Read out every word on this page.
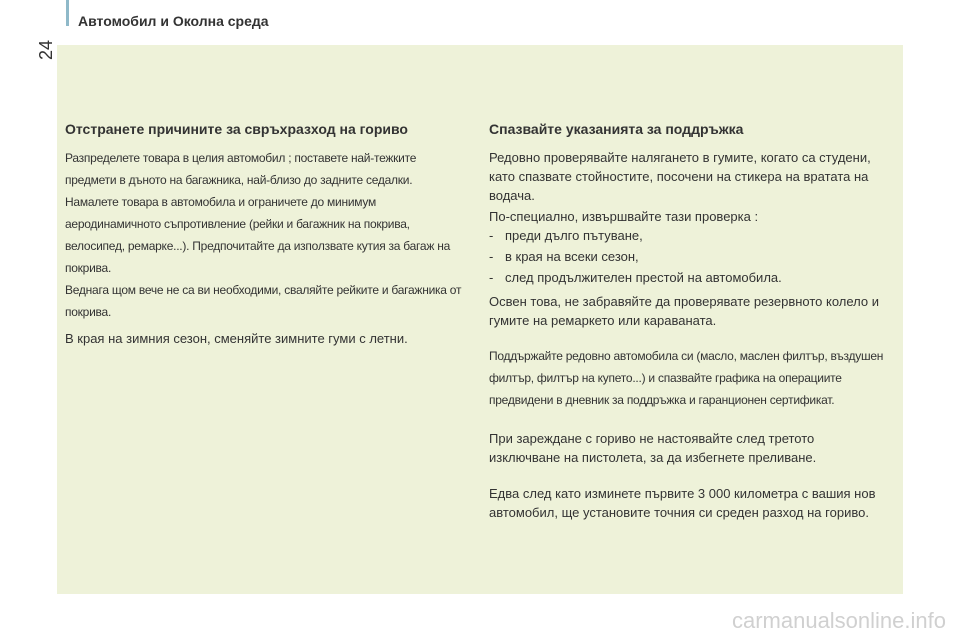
Автомобил и Околна среда
24
Отстранете причините за свръхразход на гориво

Разпределете товара в целия автомобил ; поставете най-тежките предмети в дъното на багажника, най-близо до задните седалки.

Намалете товара в автомобила и ограничете до минимум аеродинамичното съпротивление (рейки и багажник на покрива, велосипед, ремарке...). Предпочитайте да използвате кутия за багаж на покрива.

Веднага щом вече не са ви необходими, сваляйте рейките и багажника от покрива.

В края на зимния сезон, сменяйте зимните гуми с летни.

Спазвайте указанията за поддръжка

Редовно проверявайте налягането в гумите, когато са студени, като спазвате стойностите, посочени на стикера на вратата на водача.

По-специално, извършвайте тази проверка :

- преди дълго пътуване,
- в края на всеки сезон,
- след продължителен престой на автомобила.

Освен това, не забравяйте да проверявате резервното колело и гумите на ремаркето или караваната.

Поддържайте редовно автомобила си (масло, маслен филтър, въздушен филтър, филтър на купето...) и спазвайте графика на операциите предвидени в дневник за поддръжка и гаранционен сертификат.

При зареждане с гориво не настоявайте след третото изключване на пистолета, за да избегнете преливане.

Едва след като изминете първите 3 000 километра с вашия нов автомобил, ще установите точния си среден разход на гориво.

carmanualsonline.info
